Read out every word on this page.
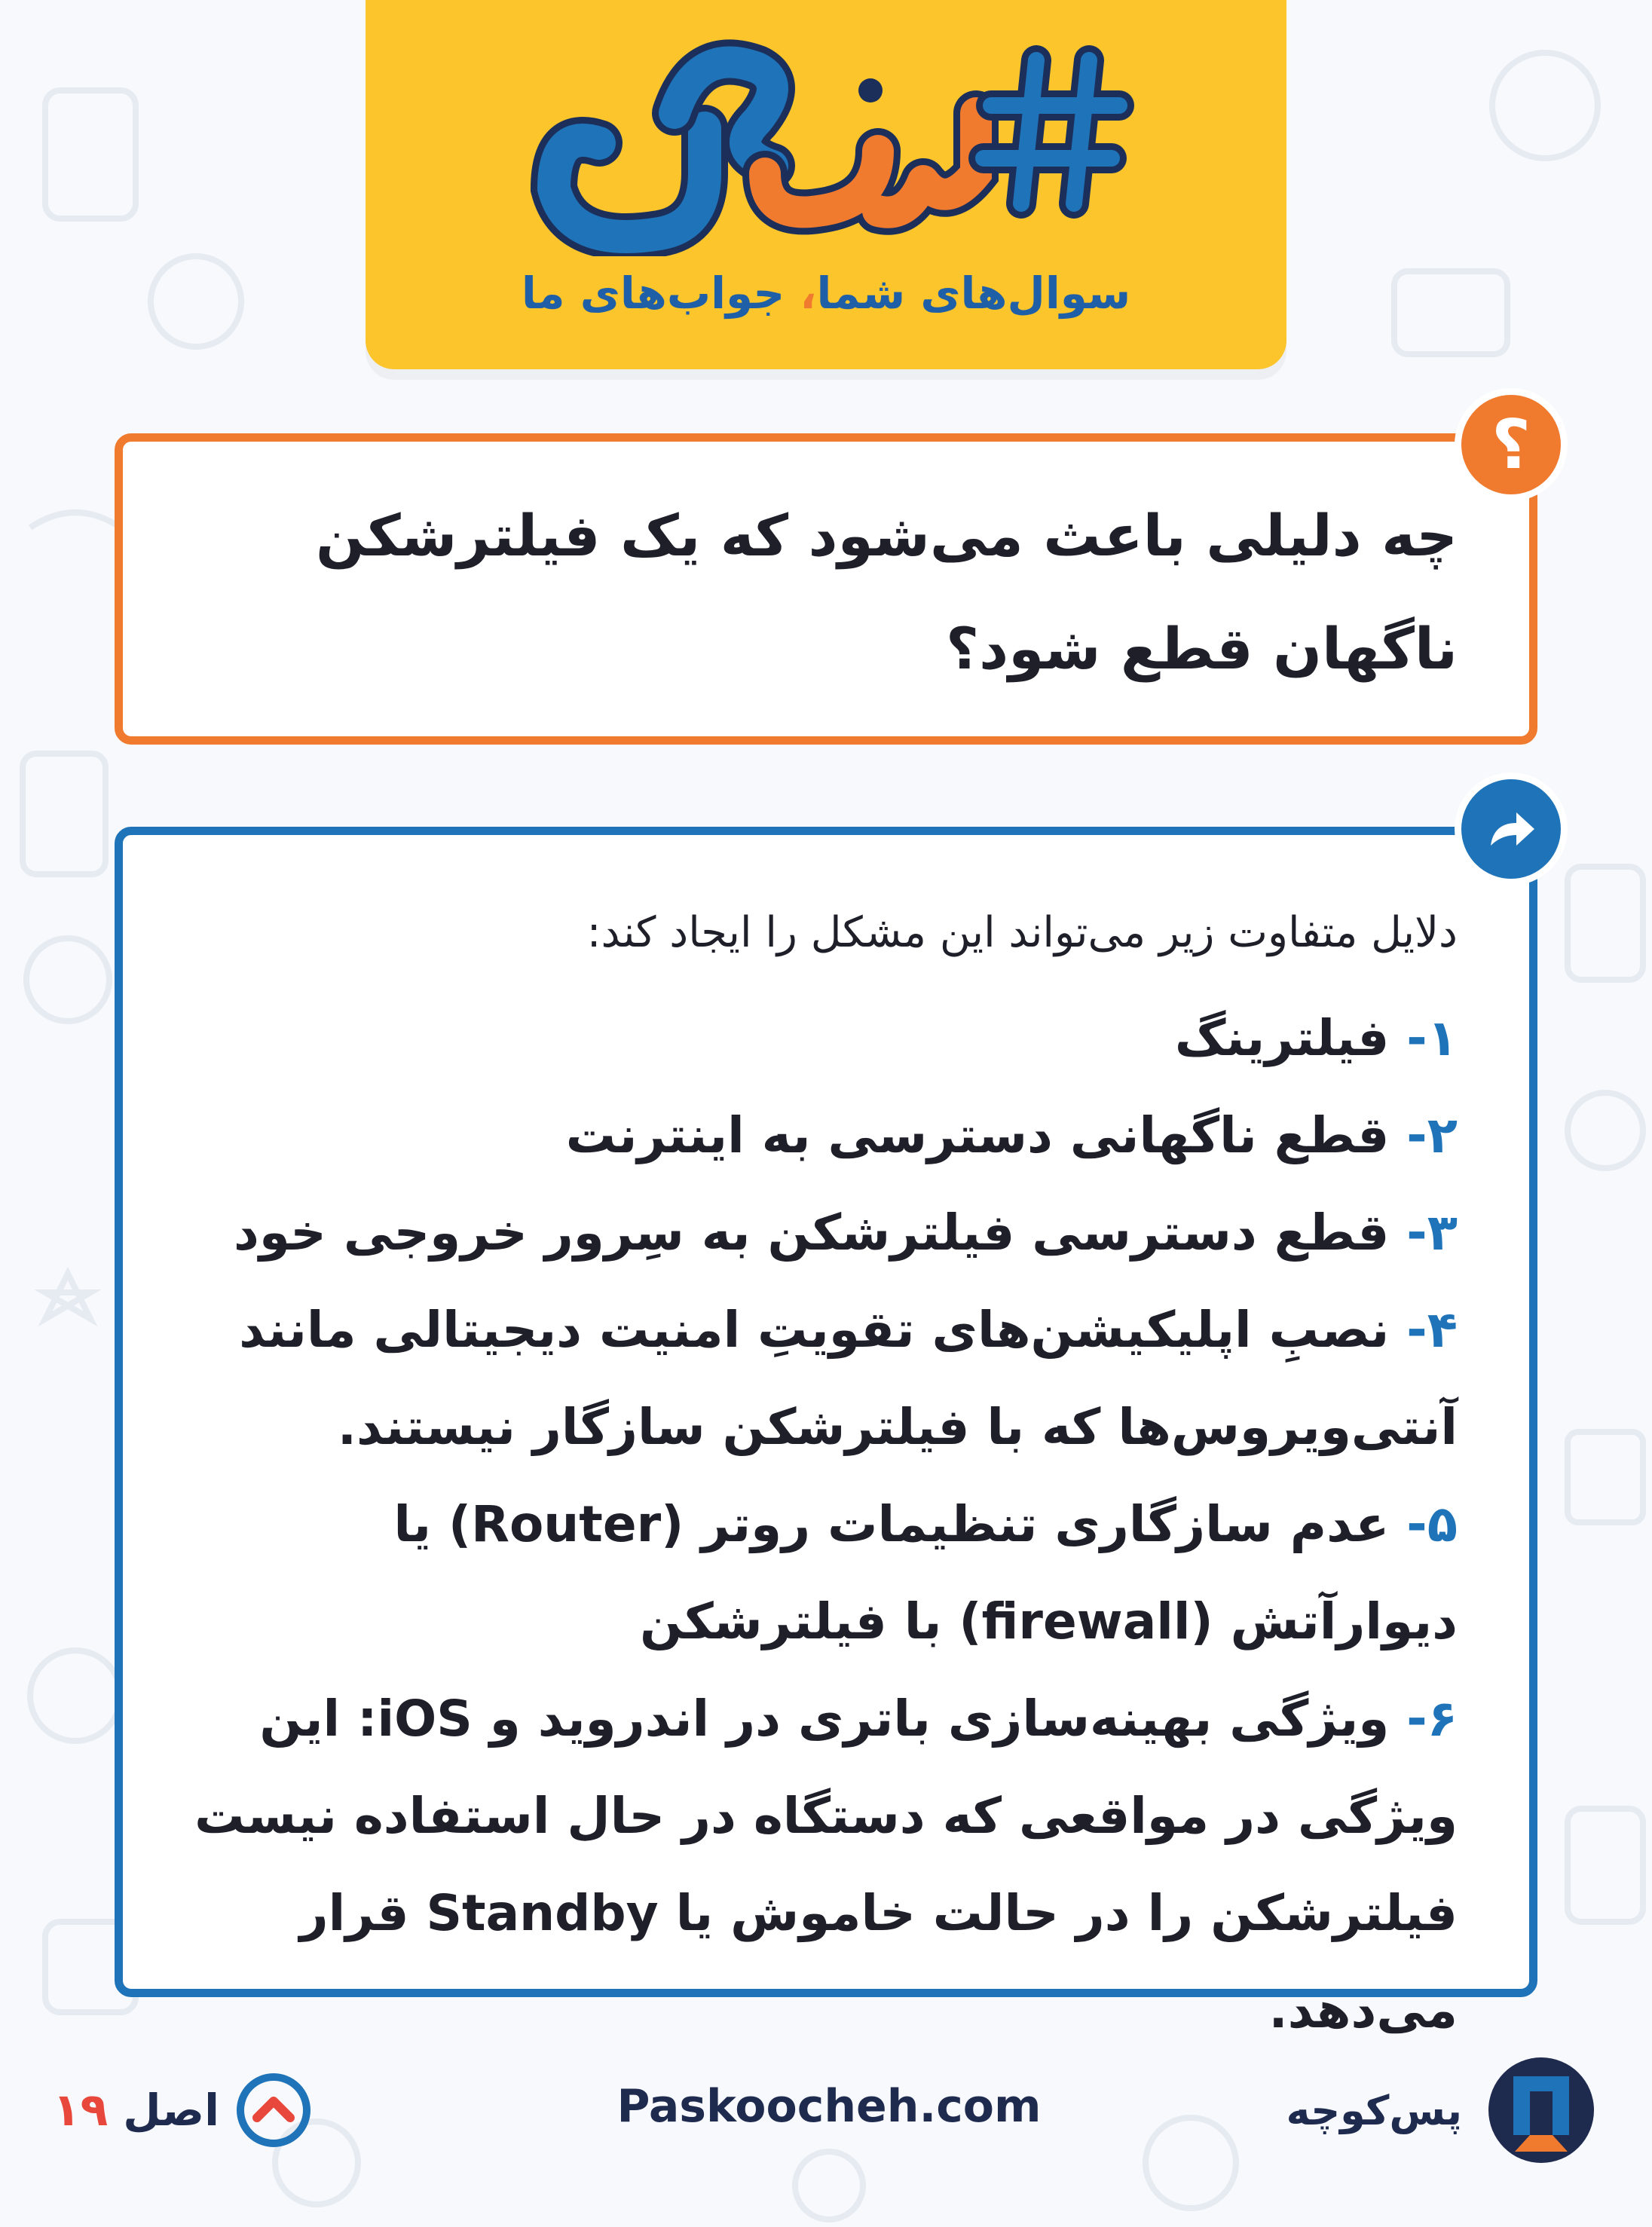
سوال‌های شما، جواب‌های ما
چه دلیلی باعث می‌شود که یک فیلترشکن ناگهان قطع شود؟
؟
دلایل متفاوت زیر می‌تواند این مشکل را ایجاد کند:
۱- فیلترینگ
۲- قطع ناگهانی دسترسی به اینترنت
۳- قطع دسترسی فیلترشکن به سِرور خروجی خود
۴- نصبِ اپلیکیشن‌های تقویتِ امنیت دیجیتالی مانند آنتی‌ویروس‌ها که با فیلترشکن سازگار نیستند.
۵- عدم سازگاری تنظیمات روتر (Router) یا دیوارآتش (firewall) با فیلترشکن
۶- ویژگی بهینه‌سازی باتری در اندروید و iOS: این ویژگی در مواقعی که دستگاه در حال استفاده نیست فیلترشکن را در حالت خاموش یا Standby قرار می‌دهد.
۱۹ اصل	Paskoocheh.com	پس‌کوچه
